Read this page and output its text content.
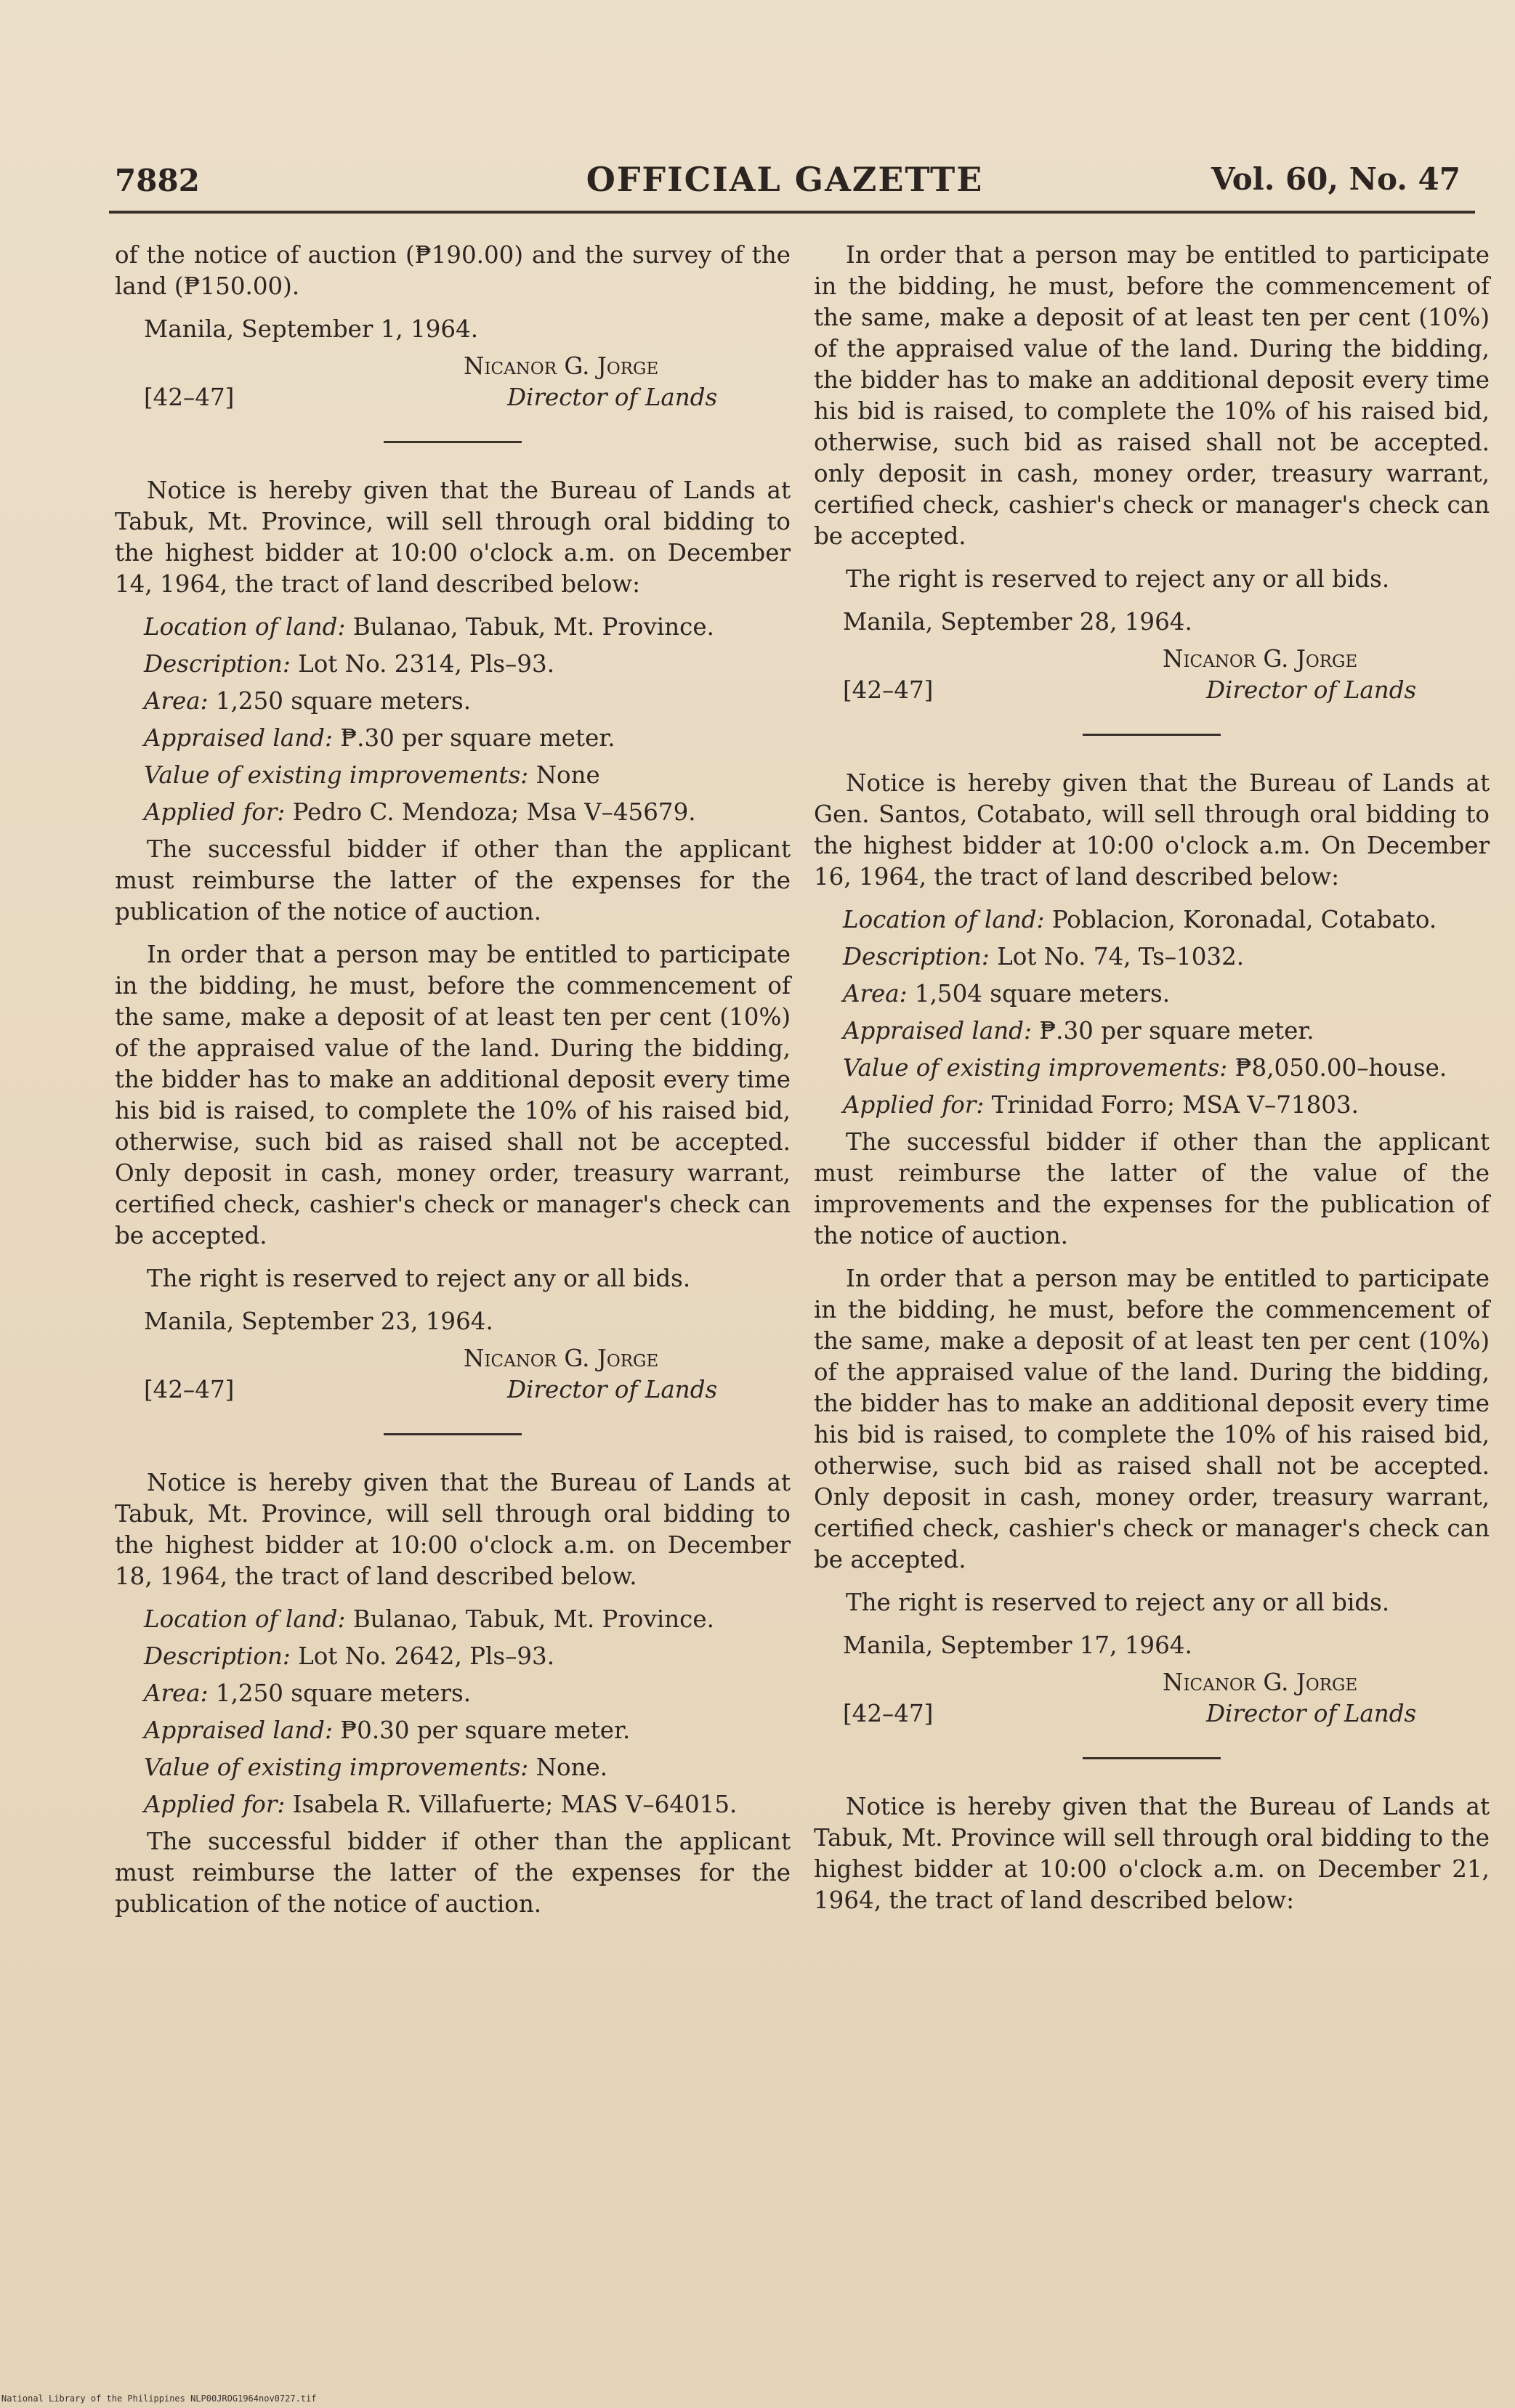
7882	OFFICIAL GAZETTE	Vol. 60, No. 47

of the notice of auction (₱190.00) and the survey of the land (₱150.00).

Manila, September 1, 1964.
Nicanor G. Jorge
[42–47]	Director of Lands

Notice is hereby given that the Bureau of Lands at Tabuk, Mt. Province, will sell through oral bidding to the highest bidder at 10:00 o'clock a.m. on December 14, 1964, the tract of land described below:

Location of land: Bulanao, Tabuk, Mt. Province.
Description: Lot No. 2314, Pls–93.
Area: 1,250 square meters.
Appraised land: ₱.30 per square meter.
Value of existing improvements: None
Applied for: Pedro C. Mendoza; Msa V–45679.

The successful bidder if other than the applicant must reimburse the latter of the expenses for the publication of the notice of auction.

In order that a person may be entitled to participate in the bidding, he must, before the commencement of the same, make a deposit of at least ten per cent (10%) of the appraised value of the land. During the bidding, the bidder has to make an additional deposit every time his bid is raised, to complete the 10% of his raised bid, otherwise, such bid as raised shall not be accepted. Only deposit in cash, money order, treasury warrant, certified check, cashier's check or manager's check can be accepted.

The right is reserved to reject any or all bids.

Manila, September 23, 1964.
Nicanor G. Jorge
[42–47]	Director of Lands

Notice is hereby given that the Bureau of Lands at Tabuk, Mt. Province, will sell through oral bidding to the highest bidder at 10:00 o'clock a.m. on December 18, 1964, the tract of land described below.

Location of land: Bulanao, Tabuk, Mt. Province.
Description: Lot No. 2642, Pls–93.
Area: 1,250 square meters.
Appraised land: ₱0.30 per square meter.
Value of existing improvements: None.
Applied for: Isabela R. Villafuerte; MAS V–64015.

The successful bidder if other than the applicant must reimburse the latter of the expenses for the publication of the notice of auction.

In order that a person may be entitled to participate in the bidding, he must, before the commencement of the same, make a deposit of at least ten per cent (10%) of the appraised value of the land. During the bidding, the bidder has to make an additional deposit every time his bid is raised, to complete the 10% of his raised bid, otherwise, such bid as raised shall not be accepted. only deposit in cash, money order, treasury warrant, certified check, cashier's check or manager's check can be accepted.

The right is reserved to reject any or all bids.

Manila, September 28, 1964.
Nicanor G. Jorge
[42–47]	Director of Lands

Notice is hereby given that the Bureau of Lands at Gen. Santos, Cotabato, will sell through oral bidding to the highest bidder at 10:00 o'clock a.m. On December 16, 1964, the tract of land described below:

Location of land: Poblacion, Koronadal, Cotabato.
Description: Lot No. 74, Ts–1032.
Area: 1,504 square meters.
Appraised land: ₱.30 per square meter.
Value of existing improvements: ₱8,050.00–house.
Applied for: Trinidad Forro; MSA V–71803.

The successful bidder if other than the applicant must reimburse the latter of the value of the improvements and the expenses for the publication of the notice of auction.

In order that a person may be entitled to participate in the bidding, he must, before the commencement of the same, make a deposit of at least ten per cent (10%) of the appraised value of the land. During the bidding, the bidder has to make an additional deposit every time his bid is raised, to complete the 10% of his raised bid, otherwise, such bid as raised shall not be accepted. Only deposit in cash, money order, treasury warrant, certified check, cashier's check or manager's check can be accepted.

The right is reserved to reject any or all bids.

Manila, September 17, 1964.
Nicanor G. Jorge
[42–47]	Director of Lands

Notice is hereby given that the Bureau of Lands at Tabuk, Mt. Province will sell through oral bidding to the highest bidder at 10:00 o'clock a.m. on December 21, 1964, the tract of land described below:

National Library of the Philippines NLP00JROG1964nov0727.tif
